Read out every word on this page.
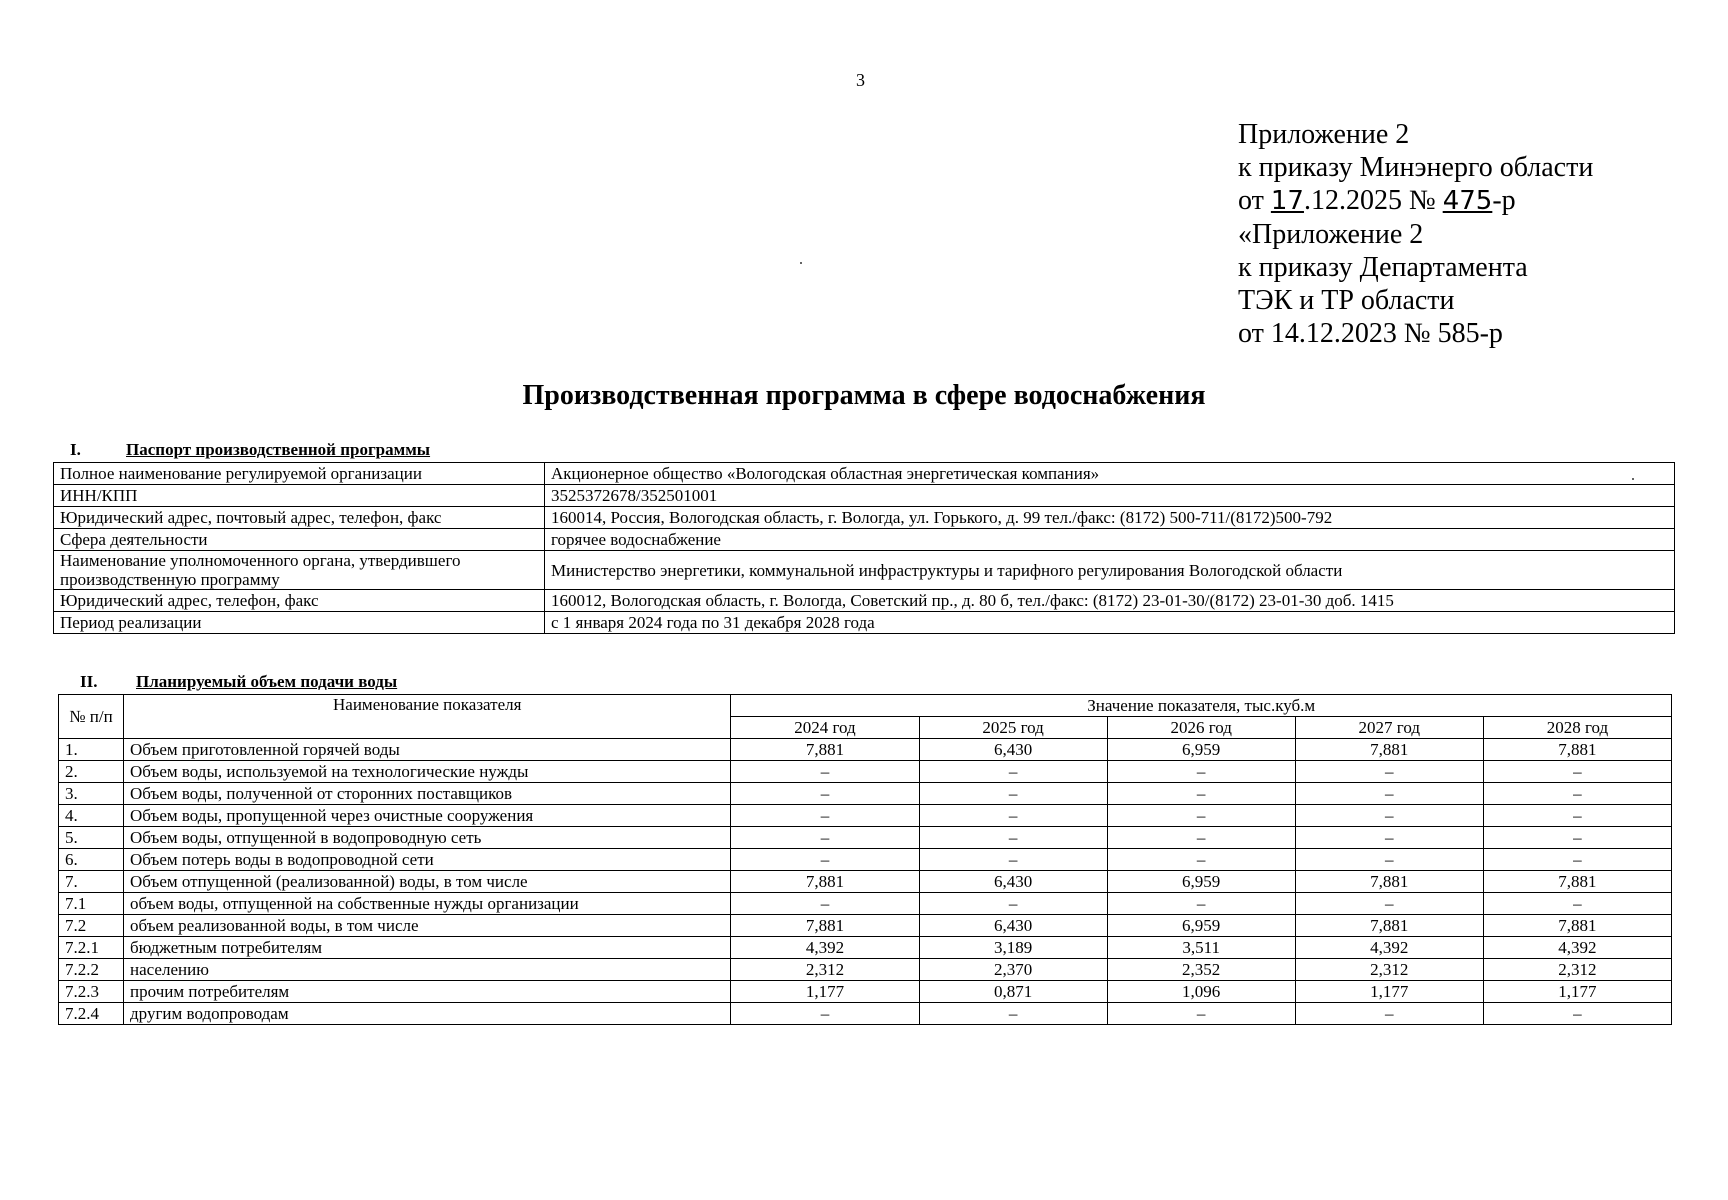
3
Приложение 2
к приказу Минэнерго области
от 17.12.2025 № 475-р
«Приложение 2
к приказу Департамента
ТЭК и ТР области
от 14.12.2023 № 585-р
Производственная программа в сфере водоснабжения
I.	Паспорт производственной программы
Полное наименование регулируемой организации	Акционерное общество «Вологодская областная энергетическая компания»
ИНН/КПП	3525372678/352501001
Юридический адрес, почтовый адрес, телефон, факс	160014, Россия, Вологодская область, г. Вологда, ул. Горького, д. 99 тел./факс: (8172) 500-711/(8172)500-792
Сфера деятельности	горячее водоснабжение
Наименование уполномоченного органа, утвердившего производственную программу	Министерство энергетики, коммунальной инфраструктуры и тарифного регулирования Вологодской области
Юридический адрес, телефон, факс	160012, Вологодская область, г. Вологда, Советский пр., д. 80 б, тел./факс: (8172) 23-01-30/(8172) 23-01-30 доб. 1415
Период реализации	с 1 января 2024 года по 31 декабря 2028 года
II. Планируемый объем подачи воды
№ п/п	Наименование показателя	Значение показателя, тыс.куб.м				
		2024 год	2025 год	2026 год	2027 год	2028 год
1.	Объем приготовленной горячей воды	7,881	6,430	6,959	7,881	7,881
2.	Объем воды, используемой на технологические нужды	–	–	–	–	–
3.	Объем воды, полученной от сторонних поставщиков	–	–	–	–	–
4.	Объем воды, пропущенной через очистные сооружения	–	–	–	–	–
5.	Объем воды, отпущенной в водопроводную сеть	–	–	–	–	–
6.	Объем потерь воды в водопроводной сети	–	–	–	–	–
7.	Объем отпущенной (реализованной) воды, в том числе	7,881	6,430	6,959	7,881	7,881
7.1	объем воды, отпущенной на собственные нужды организации	–	–	–	–	–
7.2	объем реализованной воды, в том числе	7,881	6,430	6,959	7,881	7,881
7.2.1	бюджетным потребителям	4,392	3,189	3,511	4,392	4,392
7.2.2	населению	2,312	2,370	2,352	2,312	2,312
7.2.3	прочим потребителям	1,177	0,871	1,096	1,177	1,177
7.2.4	другим водопроводам	–	–	–	–	–
